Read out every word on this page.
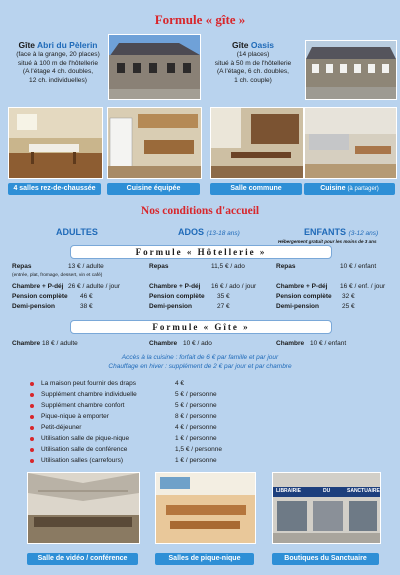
Formule « gîte »
Gîte Abri du Pèlerin
(face à la grange, 20 places)
situé à 100 m de l'hôtellerie
(A l'étage 4 ch. doubles,
12 ch. individuelles)
Gîte Oasis
(14 places)
situé à 50 m de l'hôtellerie
(A l'étage, 6 ch. doubles,
1 ch. couple)
4 salles rez-de-chaussée	Cuisine équipée	Salle commune	Cuisine (à partager)
Nos conditions d'accueil
ADULTES	ADOS (13-18 ans)	ENFANTS (3-12 ans)
Hébergement gratuit pour les moins de 3 ans
Formule « Hôtellerie »
Repas	13 € / adulte
(entrée, plat, fromage, dessert, vin et café)
Chambre + P-déj 26 € / adulte / jour
Pension complète 46 €
Demi-pension	38 €
Repas	11,5 € / ado
Chambre + P-déj 16 € / ado / jour
Pension complète 35 €
Demi-pension	27 €
Repas	10 € / enfant
Chambre + P-déj 16 € / enf. / jour
Pension complète 32 €
Demi-pension	25 €
Formule « Gîte »
Chambre 18 € / adulte	Chambre 10 € / ado	Chambre 10 € / enfant
Accès à la cuisine : forfait de 6 € par famille et par jour
Chauffage en hiver : supplément de 2 € par jour et par chambre
La maison peut fournir des draps	4 €
Supplément chambre individuelle	5 € / personne
Supplément chambre confort	5 € / personne
Pique-nique à emporter	8 € / personne
Petit-déjeuner	4 € / personne
Utilisation salle de pique-nique	1 € / personne
Utilisation salle de conférence	1,5 € / personne
Utilisation salles (carrefours)	1 € / personne
LIBRAIRIE	DU	SANCTUAIRE
Salle de vidéo / conférence	Salles de pique-nique	Boutiques du Sanctuaire
